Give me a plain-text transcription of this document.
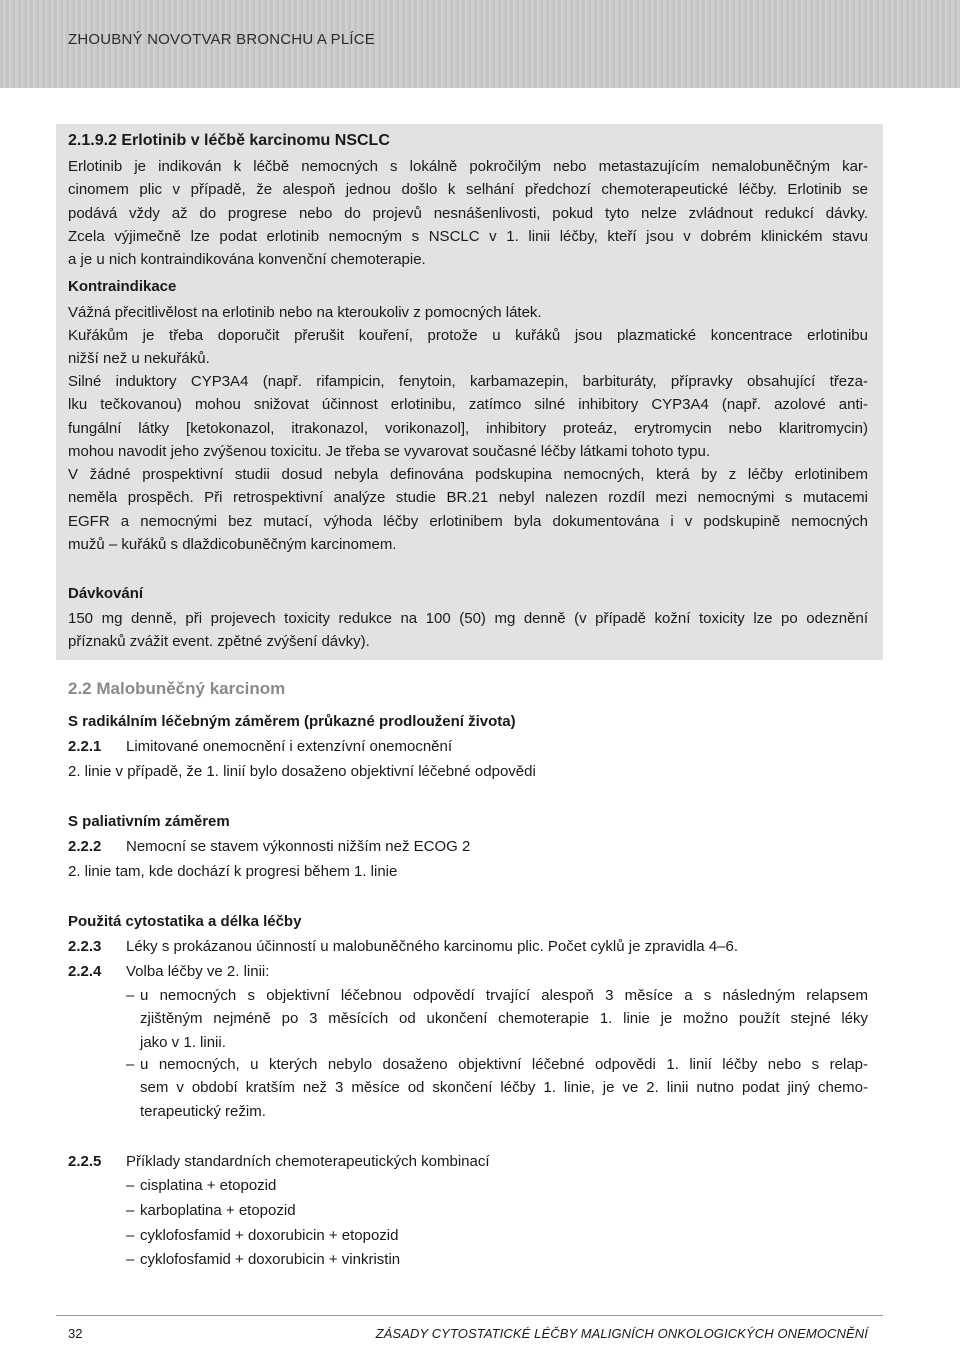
ZHOUBNÝ NOVOTVAR BRONCHU A PLÍCE
2.1.9.2 Erlotinib v léčbě karcinomu NSCLC
Erlotinib je indikován k léčbě nemocných s lokálně pokročilým nebo metastazujícím nemalobuněčným kar-
cinomem plic v případě, že alespoň jednou došlo k selhání předchozí chemoterapeutické léčby. Erlotinib se
podává vždy až do progrese nebo do projevů nesnášenlivosti, pokud tyto nelze zvládnout redukcí dávky.
Zcela výjimečně lze podat erlotinib nemocným s NSCLC v 1. linii léčby, kteří jsou v dobrém klinickém stavu
a je u nich kontraindikována konvenční chemoterapie.
Kontraindikace
Vážná přecitlivělost na erlotinib nebo na kteroukoliv z pomocných látek.
Kuřákům je třeba doporučit přerušit kouření, protože u kuřáků jsou plazmatické koncentrace erlotinibu
nižší než u nekuřáků.
Silné induktory CYP3A4 (např. rifampicin, fenytoin, karbamazepin, barbituráty, přípravky obsahující třeza-
lku tečkovanou) mohou snižovat účinnost erlotinibu, zatímco silné inhibitory CYP3A4 (např. azolové anti-
fungální látky [ketokonazol, itrakonazol, vorikonazol], inhibitory proteáz, erytromycin nebo klaritromycin)
mohou navodit jeho zvýšenou toxicitu. Je třeba se vyvarovat současné léčby látkami tohoto typu.
V žádné prospektivní studii dosud nebyla definována podskupina nemocných, která by z léčby erlotinibem
neměla prospěch. Při retrospektivní analýze studie BR.21 nebyl nalezen rozdíl mezi nemocnými s mutacemi
EGFR a nemocnými bez mutací, výhoda léčby erlotinibem byla dokumentována i v podskupině nemocných
mužů – kuřáků s dlaždicobuněčným karcinomem.
Dávkování
150 mg denně, při projevech toxicity redukce na 100 (50) mg denně (v případě kožní toxicity lze po odeznění
příznaků zvážit event. zpětné zvýšení dávky).
2.2 Malobuněčný karcinom
S radikálním léčebným záměrem (průkazné prodloužení života)
2.2.1 Limitované onemocnění i extenzívní onemocnění
2. linie v případě, že 1. linií bylo dosaženo objektivní léčebné odpovědi
S paliativním záměrem
2.2.2 Nemocní se stavem výkonnosti nižším než ECOG 2
2. linie tam, kde dochází k progresi během 1. linie
Použitá cytostatika a délka léčby
2.2.3 Léky s prokázanou účinností u malobuněčného karcinomu plic. Počet cyklů je zpravidla 4–6.
2.2.4 Volba léčby ve 2. linii:
– u nemocných s objektivní léčebnou odpovědí trvající alespoň 3 měsíce a s následným relapsem
zjištěným nejméně po 3 měsících od ukončení chemoterapie 1. linie je možno použít stejné léky
jako v 1. linii.
– u nemocných, u kterých nebylo dosaženo objektivní léčebné odpovědi 1. linií léčby nebo s relap-
sem v období kratším než 3 měsíce od skončení léčby 1. linie, je ve 2. linii nutno podat jiný chemo-
terapeutický režim.
2.2.5 Příklady standardních chemoterapeutických kombinací
– cisplatina + etopozid
– karboplatina + etopozid
– cyklofosfamid + doxorubicin + etopozid
– cyklofosfamid + doxorubicin + vinkristin
32	ZÁSADY CYTOSTATICKÉ LÉČBY MALIGNÍCH ONKOLOGICKÝCH ONEMOCNĚNÍ
